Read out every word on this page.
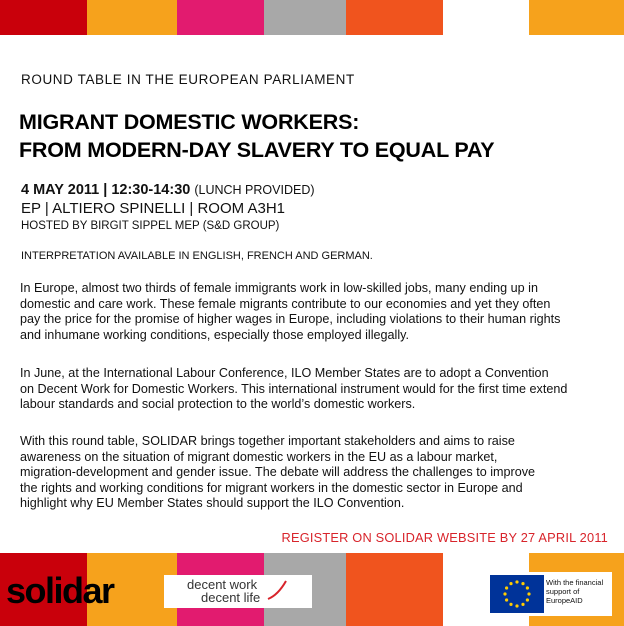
ROUND TABLE IN THE EUROPEAN PARLIAMENT
MIGRANT DOMESTIC WORKERS:
FROM MODERN-DAY SLAVERY TO EQUAL PAY
4 MAY 2011 | 12:30-14:30 (LUNCH PROVIDED)
EP | ALTIERO SPINELLI | ROOM A3H1
HOSTED BY BIRGIT SIPPEL MEP (S&D GROUP)
INTERPRETATION AVAILABLE IN ENGLISH, FRENCH AND GERMAN.
In Europe, almost two thirds of female immigrants work in low-skilled jobs, many ending up in
domestic and care work. These female migrants contribute to our economies and yet they often
pay the price for the promise of higher wages in Europe, including violations to their human rights
and inhumane working conditions, especially those employed illegally.
In June, at the International Labour Conference, ILO Member States are to adopt a Convention
on Decent Work for Domestic Workers. This international instrument would for the first time extend
labour standards and social protection to the world’s domestic workers.
With this round table, SOLIDAR brings together important stakeholders and aims to raise
awareness on the situation of migrant domestic workers in the EU as a labour market,
migration-development and gender issue. The debate will address the challenges to improve
the rights and working conditions for migrant workers in the domestic sector in Europe and
highlight why EU Member States should support the ILO Convention.
REGISTER ON SOLIDAR WEBSITE BY 27 APRIL 2011
solidar	decent work
decent life
With the financial
support of
EuropeAID
